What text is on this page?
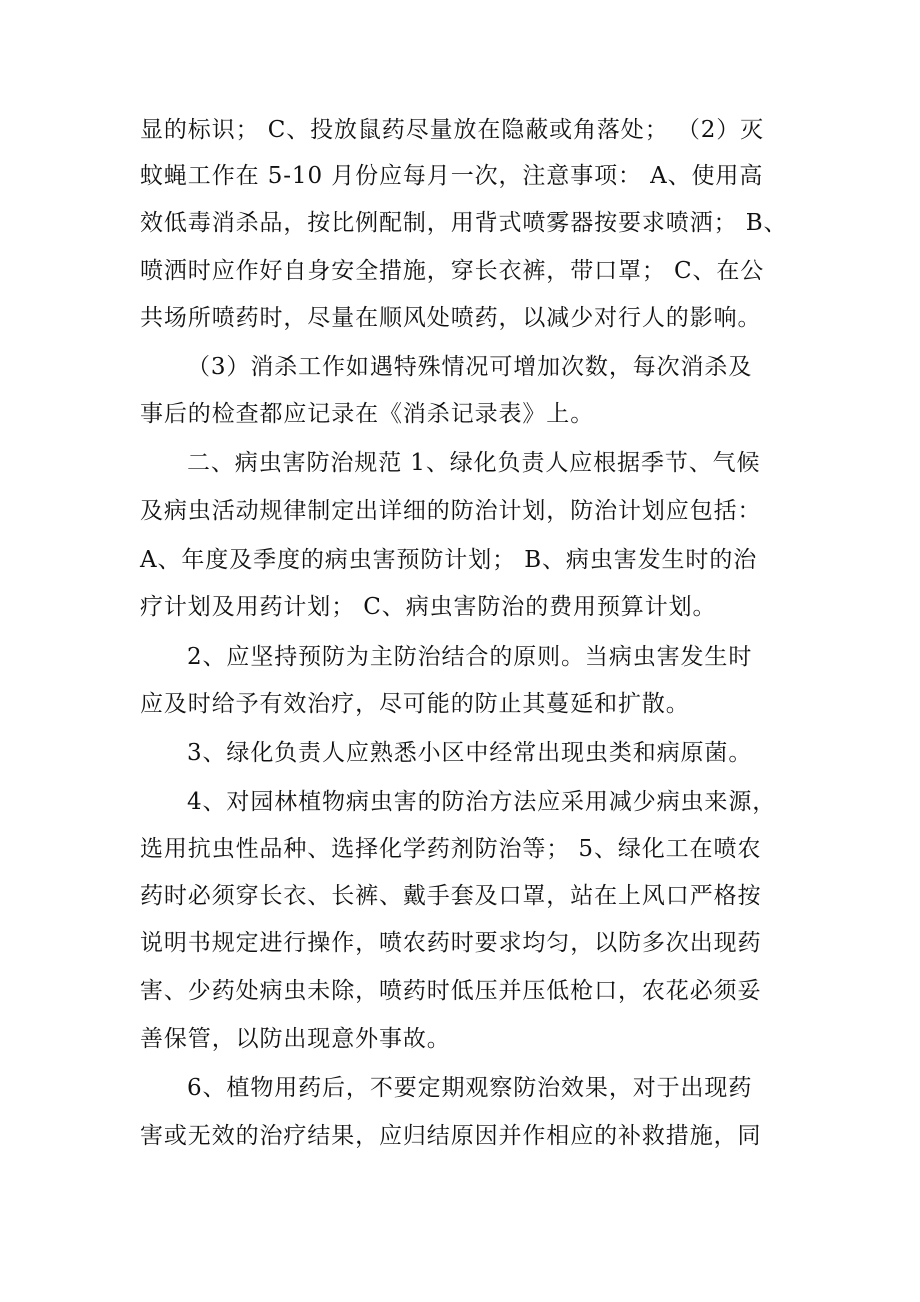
显的标识； C、投放鼠药尽量放在隐蔽或角落处； （2）灭
蚊蝇工作在 5-10 月份应每月一次，注意事项： A、使用高
效低毒消杀品，按比例配制，用背式喷雾器按要求喷洒； B、
喷洒时应作好自身安全措施，穿长衣裤，带口罩； C、在公
共场所喷药时，尽量在顺风处喷药，以减少对行人的影响。
（3）消杀工作如遇特殊情况可增加次数，每次消杀及
事后的检查都应记录在《消杀记录表》上。
二、病虫害防治规范 1、绿化负责人应根据季节、气候
及病虫活动规律制定出详细的防治计划，防治计划应包括：
A、年度及季度的病虫害预防计划； B、病虫害发生时的治
疗计划及用药计划； C、病虫害防治的费用预算计划。
2、应坚持预防为主防治结合的原则。当病虫害发生时
应及时给予有效治疗，尽可能的防止其蔓延和扩散。
3、绿化负责人应熟悉小区中经常出现虫类和病原菌。
4、对园林植物病虫害的防治方法应采用减少病虫来源，
选用抗虫性品种、选择化学药剂防治等； 5、绿化工在喷农
药时必须穿长衣、长裤、戴手套及口罩，站在上风口严格按
说明书规定进行操作，喷农药时要求均匀，以防多次出现药
害、少药处病虫未除，喷药时低压并压低枪口，农花必须妥
善保管，以防出现意外事故。
6、植物用药后，不要定期观察防治效果，对于出现药
害或无效的治疗结果，应归结原因并作相应的补救措施，同
